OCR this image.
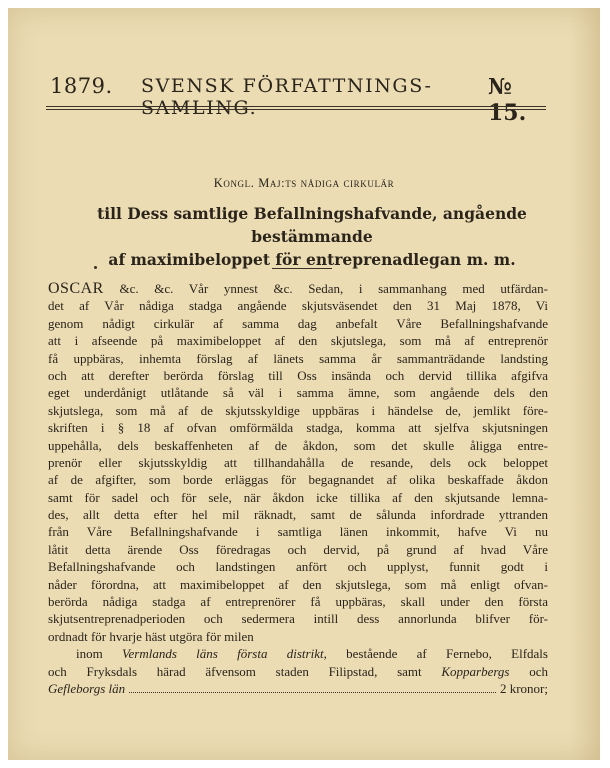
1879. SVENSK FÖRFATTNINGS-SAMLING.
№ 15.
Kongl. Maj:ts nådiga cirkulär
till Dess samtlige Befallningshafvande, angående bestämmande
af maximibeloppet för entreprenadlegan m. m.
OSCAR &c. &c. Vår ynnest &c. Sedan, i sammanhang med utfärdan-
det af Vår nådiga stadga angående skjutsväsendet den 31 Maj 1878, Vi
genom nådigt cirkulär af samma dag anbefalt Våre Befallningshafvande
att i afseende på maximibeloppet af den skjutslega, som må af entreprenör
få uppbäras, inhemta förslag af länets samma år sammanträdande landsting
och att derefter berörda förslag till Oss insända och dervid tillika afgifva
eget underdånigt utlåtande så väl i samma ämne, som angående dels den
skjutslega, som må af de skjutsskyldige uppbäras i händelse de, jemlikt före-
skriften i § 18 af ofvan omförmälda stadga, komma att sjelfva skjutsningen
uppehålla, dels beskaffenheten af de åkdon, som det skulle åligga entre-
prenör eller skjutsskyldig att tillhandahålla de resande, dels ock beloppet
af de afgifter, som borde erläggas för begagnandet af olika beskaffade åkdon
samt för sadel och för sele, när åkdon icke tillika af den skjutsande lemna-
des, allt detta efter hel mil räknadt, samt de sålunda infordrade yttranden
från Våre Befallningshafvande i samtliga länen inkommit, hafve Vi nu
låtit detta ärende Oss föredragas och dervid, på grund af hvad Våre
Befallningshafvande och landstingen anfört och upplyst, funnit godt i
nåder förordna, att maximibeloppet af den skjutslega, som må enligt ofvan-
berörda nådiga stadga af entreprenörer få uppbäras, skall under den första
skjutsentreprenadperioden och sedermera intill dess annorlunda blifver för-
ordnadt för hvarje häst utgöra för milen
inom Vermlands läns första distrikt, bestående af Fernebo, Elfdals
och Fryksdals härad äfvensom staden Filipstad, samt Kopparbergs och
Gefleborgs län	2 kronor;
